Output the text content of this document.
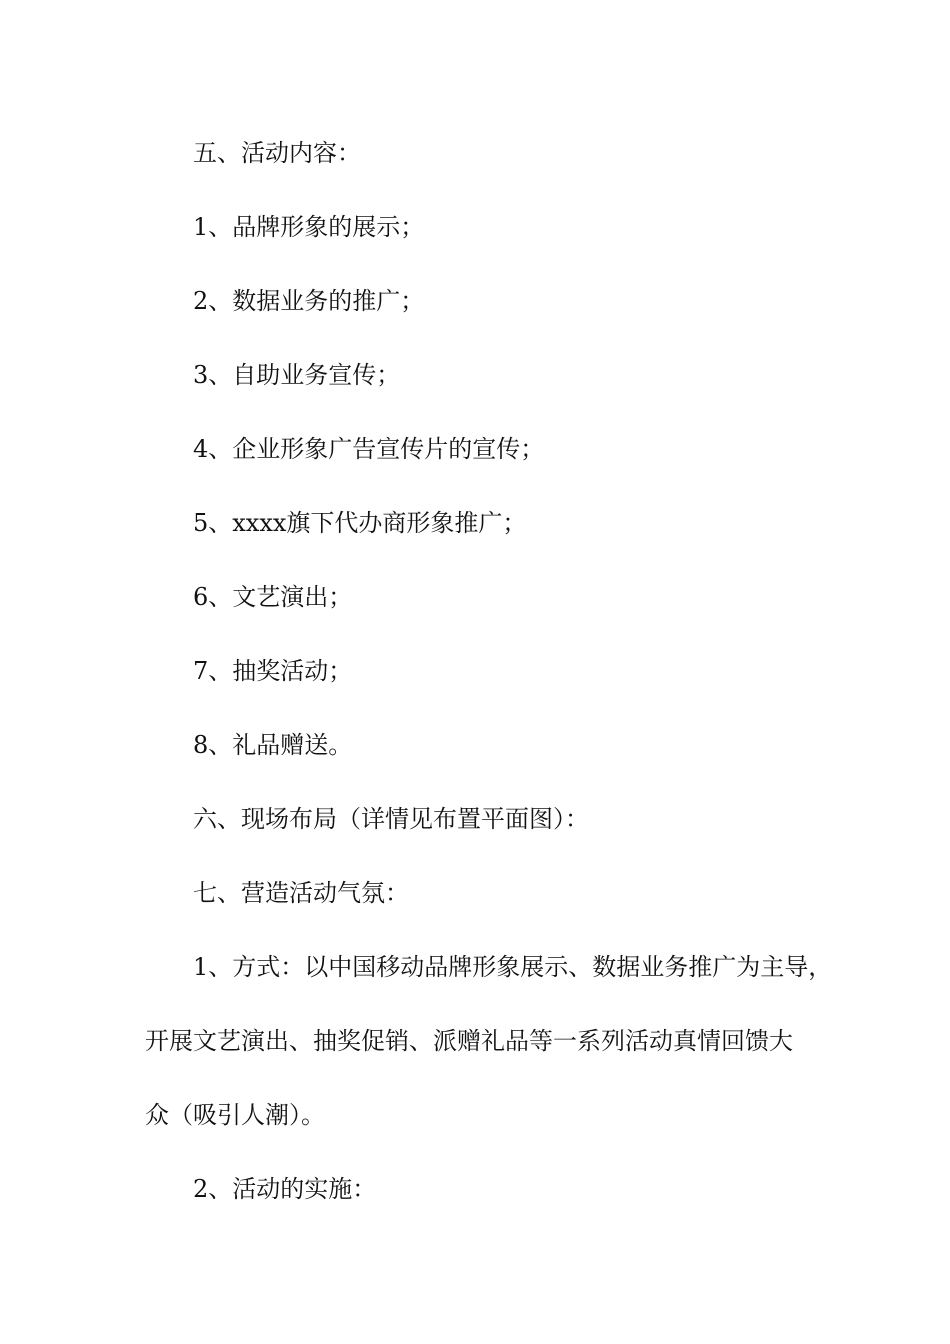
五、活动内容：
1、品牌形象的展示；
2、数据业务的推广；
3、自助业务宣传；
4、企业形象广告宣传片的宣传；
5、xxxx旗下代办商形象推广；
6、文艺演出；
7、抽奖活动；
8、礼品赠送。
六、现场布局（详情见布置平面图）：
七、营造活动气氛：
1、方式：以中国移动品牌形象展示、数据业务推广为主导，
开展文艺演出、抽奖促销、派赠礼品等一系列活动真情回馈大
众（吸引人潮）。
2、活动的实施：
